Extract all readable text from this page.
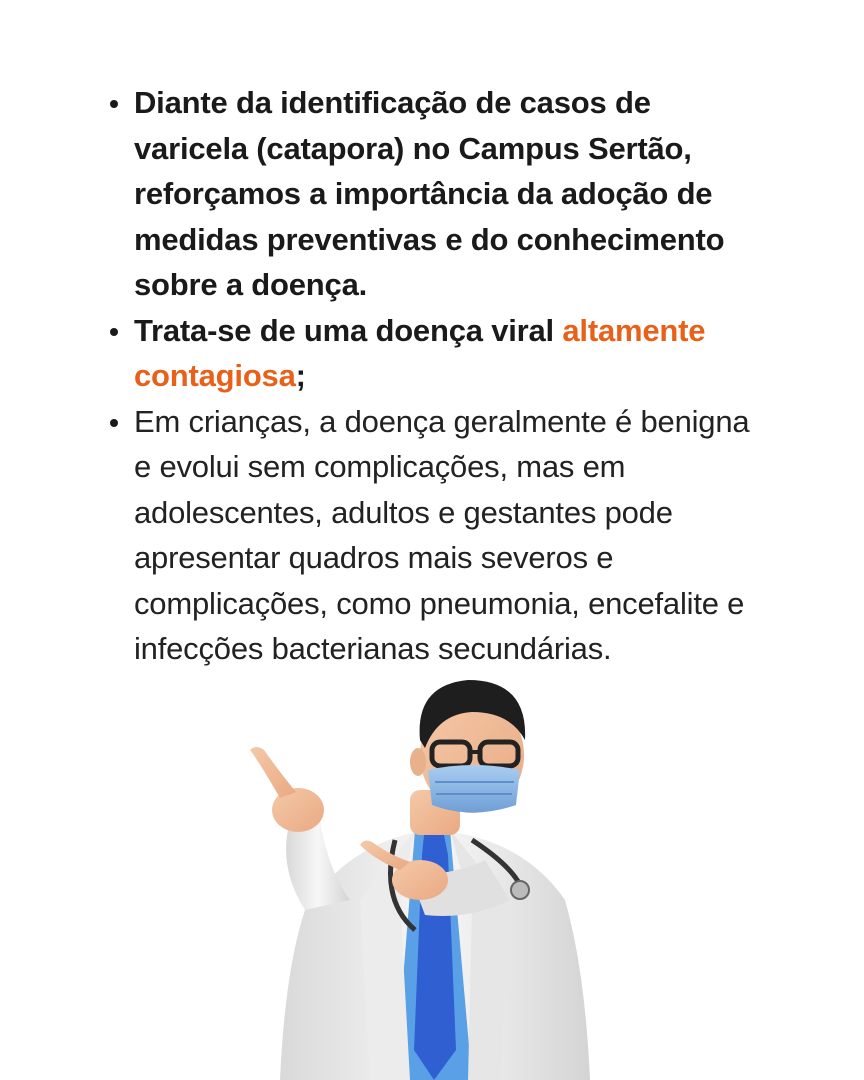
Diante da identificação de casos de varicela (catapora) no Campus Sertão, reforçamos a importância da adoção de medidas preventivas e do conhecimento sobre a doença.
Trata-se de uma doença viral altamente contagiosa;
Em crianças, a doença geralmente é benigna e evolui sem complicações, mas em adolescentes, adultos e gestantes pode apresentar quadros mais severos e complicações, como pneumonia, encefalite e infecções bacterianas secundárias.
